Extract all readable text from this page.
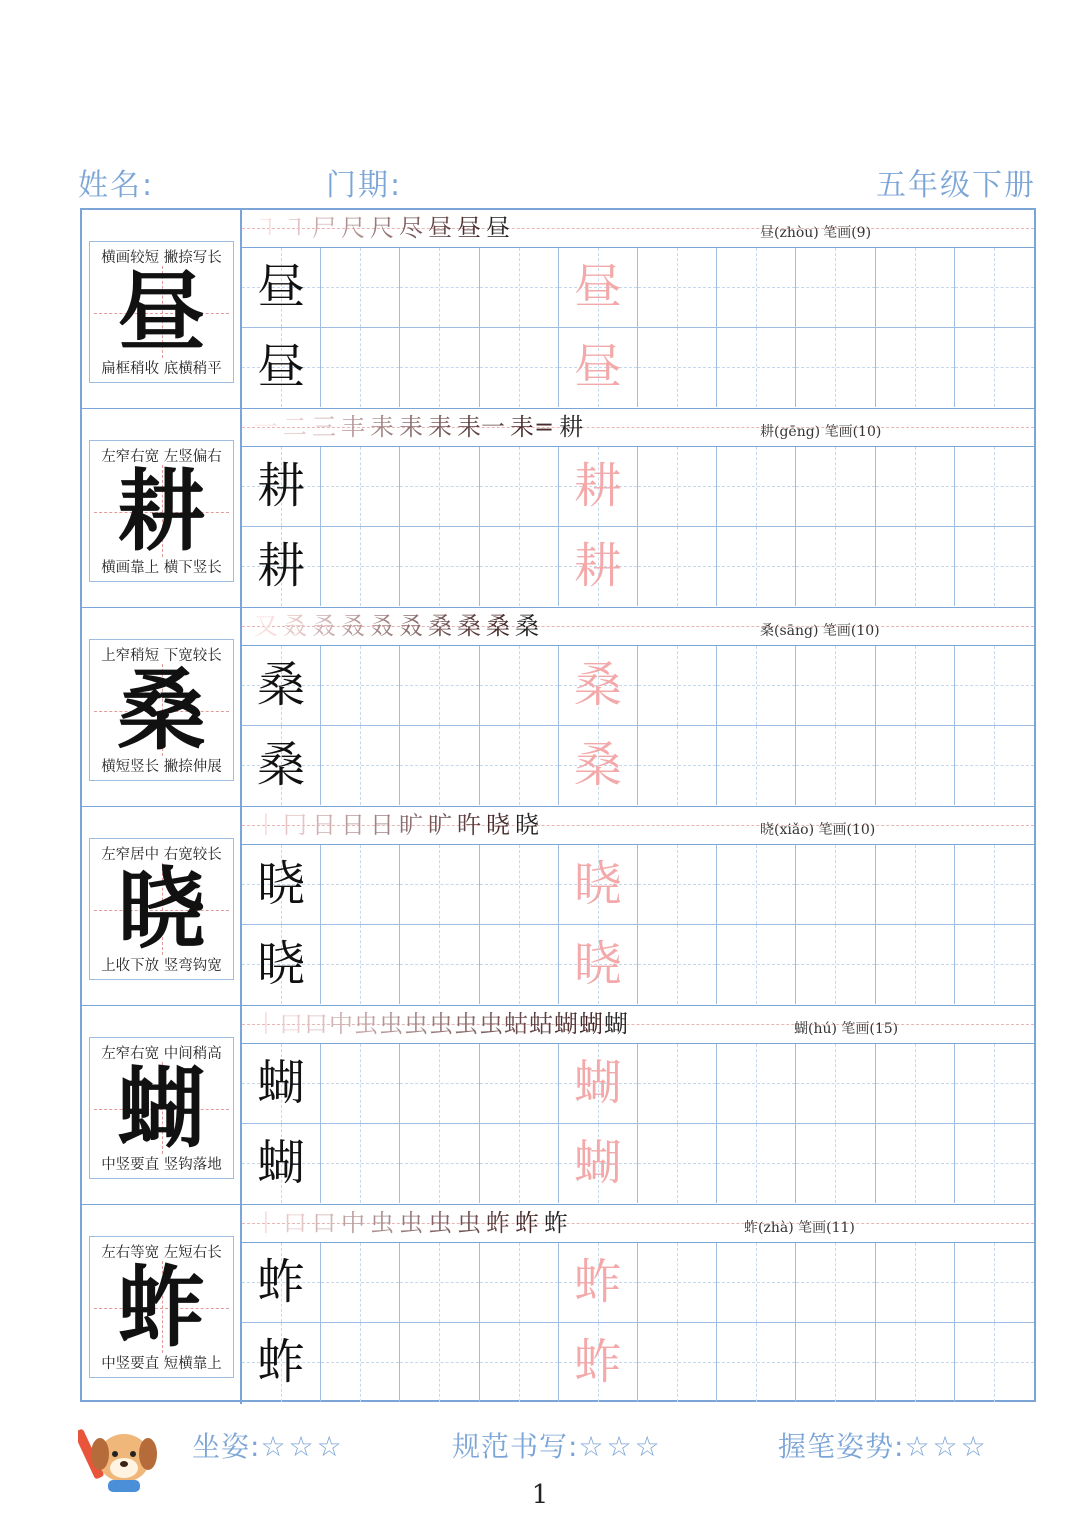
姓名:	门期:	五年级下册
横画较短 撇捺写长
昼
扁框稍收 底横稍平
㇕ ㇕ 尸 尺 尺 尽 昼 昼 昼	昼(zhòu) 笔画(9)
昼	昼
昼	昼
左窄右宽 左竖偏右
耕
横画靠上 横下竖长
一 二 三 丰 耒 耒 耒 耒一 耒= 耕	耕(gēng) 笔画(10)
耕	耕
耕	耕
上窄稍短 下宽较长
桑
横短竖长 撇捺伸展
又 叒 叒 叒 叒 叒 桑 桑 桑 桑	桑(sāng) 笔画(10)
桑	桑
桑	桑
左窄居中 右宽较长
晓
上收下放 竖弯钩宽
丨 冂 日 日 日 旷 旷 旿 晓 晓	晓(xiǎo) 笔画(10)
晓	晓
晓	晓
左窄右宽 中间稍高
蝴
中竖要直 竖钩落地
丨口口中虫虫虫虫虫虫蛄蛄蝴蝴蝴	蝴(hú) 笔画(15)
蝴	蝴
蝴	蝴
左右等宽 左短右长
蚱
中竖要直 短横靠上
丨 口 口 中 虫 虫 虫 虫 蚱 蚱 蚱	蚱(zhà) 笔画(11)
蚱	蚱
蚱	蚱
坐姿:☆☆☆	规范书写:☆☆☆	握笔姿势:☆☆☆
1
